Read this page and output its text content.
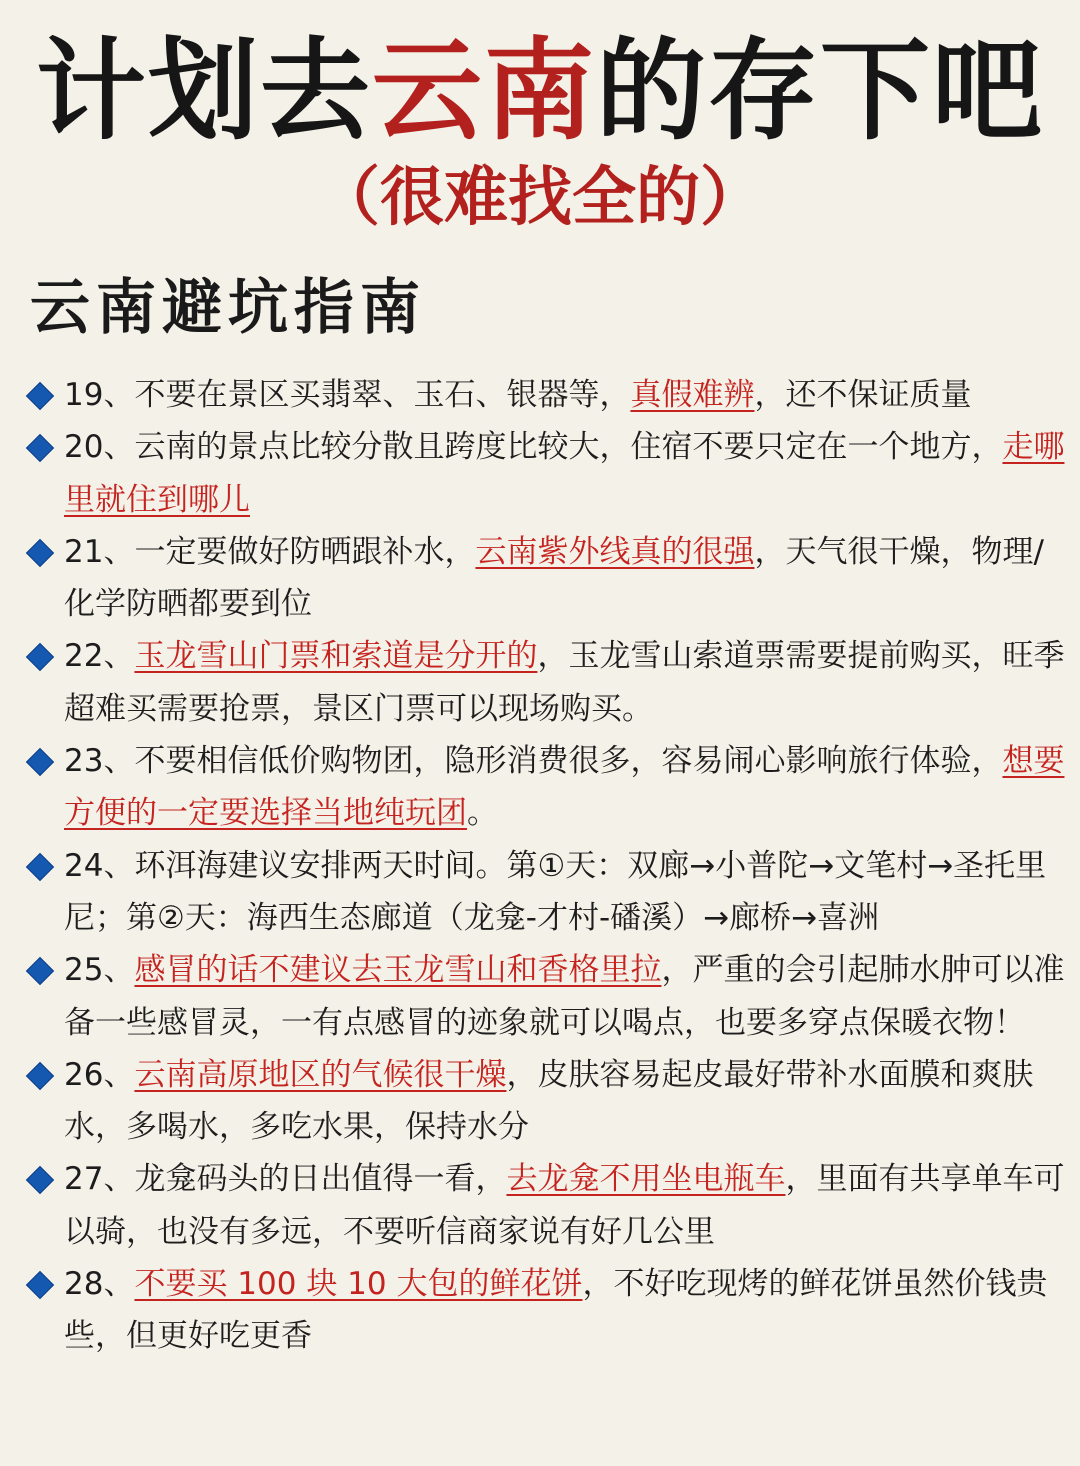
计划去云南的存下吧
（很难找全的）
云南避坑指南
19、不要在景区买翡翠、玉石、银器等，真假难辨，还不保证质量
20、云南的景点比较分散且跨度比较大，住宿不要只定在一个地方，走哪里就住到哪儿
21、一定要做好防晒跟补水，云南紫外线真的很强，天气很干燥，物理/化学防晒都要到位
22、玉龙雪山门票和索道是分开的，玉龙雪山索道票需要提前购买，旺季超难买需要抢票，景区门票可以现场购买。
23、不要相信低价购物团，隐形消费很多，容易闹心影响旅行体验，想要方便的一定要选择当地纯玩团。
24、环洱海建议安排两天时间。第①天：双廊→小普陀→文笔村→圣托里尼；第②天：海西生态廊道（龙龛-才村-磻溪）→廊桥→喜洲
25、感冒的话不建议去玉龙雪山和香格里拉，严重的会引起肺水肿可以准备一些感冒灵，一有点感冒的迹象就可以喝点，也要多穿点保暖衣物！
26、云南高原地区的气候很干燥，皮肤容易起皮最好带补水面膜和爽肤水，多喝水，多吃水果，保持水分
27、龙龛码头的日出值得一看，去龙龛不用坐电瓶车，里面有共享单车可以骑，也没有多远，不要听信商家说有好几公里
28、不要买 100 块 10 大包的鲜花饼，不好吃现烤的鲜花饼虽然价钱贵些，但更好吃更香
